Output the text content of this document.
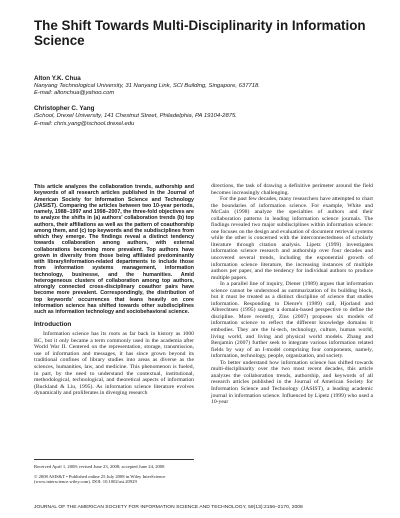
The Shift Towards Multi-Disciplinarity in Information Science
Alton Y.K. Chua
Nanyang Technological University, 31 Nanyang Link, SCI Building, Singapore, 637718.
E-mail: altonchua@yahoo.com
Christopher C. Yang
iSchool, Drexel University, 141 Chestnut Street, Philadelphia, PA 19104-2875.
E-mail: chris.yang@ischool.drexel.edu

This article analyzes the collaboration trends, authorship and keywords of all research articles published in the Journal of American Society for Information Science and Technology (JASIST). Comparing the articles between two 10-year periods, namely, 1988–1997 and 1998–2007, the three-fold objectives are to analyze the shifts in (a) authors' collaboration trends (b) top authors, their affiliations as well as the pattern of coauthorship among them, and (c) top keywords and the subdisciplines from which they emerge. The findings reveal a distinct tendency towards collaboration among authors, with external collaborations becoming more prevalent. Top authors have grown in diversity from those being affiliated predominantly with library/information-related departments to include those from information systems management, information technology, businesse, and the humanities. Amid heterogeneous clusters of collaboration among top authors, strongly connected cross-disciplinary coauthor pairs have become more prevalent. Correspondingly, the distribution of top keywords' occurrences that leans heavily on core information science has shifted towards other subdisciplines such as information technology and sociobehavioral science.

Introduction

Information science has its roots as far back in history as 1000 BC, but it only became a term commonly used in the academia after World War II. Centered on the representation, storage, transmission, use of information and messages, it has since grown beyond its traditional confines of library studies into areas as diverse as the sciences, humanities, law, and medicine. This phenomenon is fueled, in part, by the need to understand the contextual, institutional, methodological, technological, and theoretical aspects of information (Buckland & Liu, 1995). As information science literature evolves dynamically and proliferates in diverging research

directions, the task of drawing a definitive perimeter around the field becomes increasingly challenging.

For the past few decades, many researchers have attempted to chart the boundaries of information science. For example, White and McCain (1998) analyze the specialties of authors and their collaboration patterns in leading information science journals. The findings revealed two major subdisciplines within information science: one focuses on the design and evaluation of document retrieval systems while the other is concerned with the interconnectedness of scholarly literature through citation analysis. Lipetz (1999) investigates information science research and authorship over four decades and uncovered several trends, including the exponential growth of information science literature, the increasing instances of multiple authors per paper, and the tendency for individual authors to produce multiple papers.

In a parallel line of inquiry, Diener (1989) argues that information science cannot be understood as summarization of its building block, but it must be treated as a distinct discipline of science that studies information. Responding to Dienre's (1989) call, Hjorland and Albrechtsen (1995) suggest a domain-based perspective to define the discipline. More recently, Zins (2007) proposes six models of information science to reflect the different knowledge domains it embodies. They are the hi-tech, technology, culture, human world, living world, and living and physical world models. Zhang and Benjamin (2007) further seek to integrate various information related fields by way of an I-model comprising four components, namely, information, technology, people, organization, and society.

To better understand how information science has shifted towards multi-disciplinarity over the two most recent decades, this article analyzes the collaboration trends, authorship, and keywords of all research articles published in the Journal of American Society for Information Science and Technology (JASIST), a leading academic journal in information science. Influenced by Lipetz (1999) who used a 10-year

Received April 1, 2008; revised June 23, 2008; accepted June 24, 2008

© 2008 ASIS&T • Published online 25 July 2008 in Wiley InterScience (www.interscience.wiley.com). DOI: 10.1002/asi.20929

JOURNAL OF THE AMERICAN SOCIETY FOR INFORMATION SCIENCE AND TECHNOLOGY, 59(13):2156–2170, 2008
